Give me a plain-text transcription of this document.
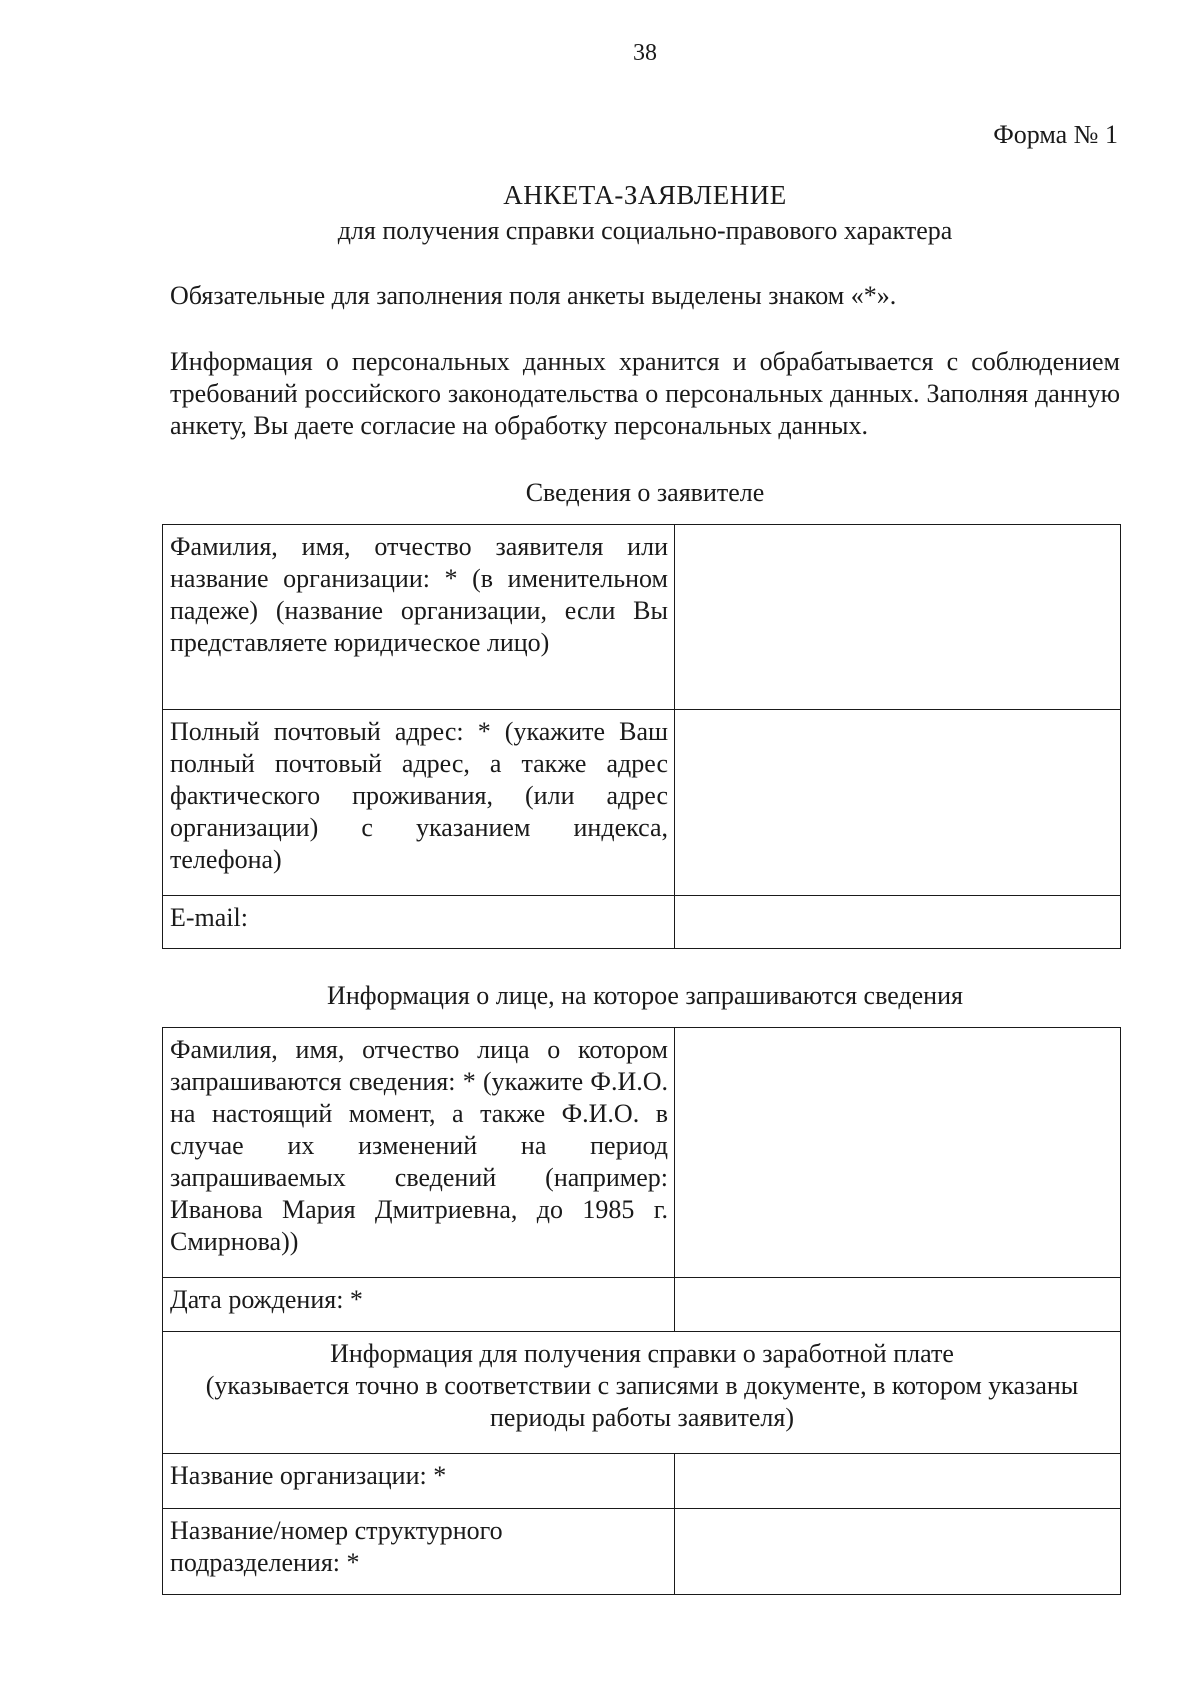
38
Форма № 1
АНКЕТА-ЗАЯВЛЕНИЕ
для получения справки социально-правового характера
Обязательные для заполнения поля анкеты выделены знаком «*».
Информация о персональных данных хранится и обрабатывается с соблюдением требований российского законодательства о персональных данных. Заполняя данную анкету, Вы даете согласие на обработку персональных данных.
Сведения о заявителе
Фамилия, имя, отчество заявителя или название организации: * (в именительном падеже) (название организации, если Вы представляете юридическое лицо)	
Полный почтовый адрес: * (укажите Ваш полный почтовый адрес, а также адрес фактического проживания, (или адрес организации) с указанием индекса, телефона)	
E-mail:	
Информация о лице, на которое запрашиваются сведения
Фамилия, имя, отчество лица о котором запрашиваются сведения: * (укажите Ф.И.О. на настоящий момент, а также Ф.И.О. в случае их изменений на период запрашиваемых сведений (например: Иванова Мария Дмитриевна, до 1985 г. Смирнова))	
Дата рождения: *	

Информация для получения справки о заработной плате
(указывается точно в соответствии с записями в документе, в котором указаны периоды работы заявителя)	

Название организации: *	
Название/номер структурного подразделения: *	
